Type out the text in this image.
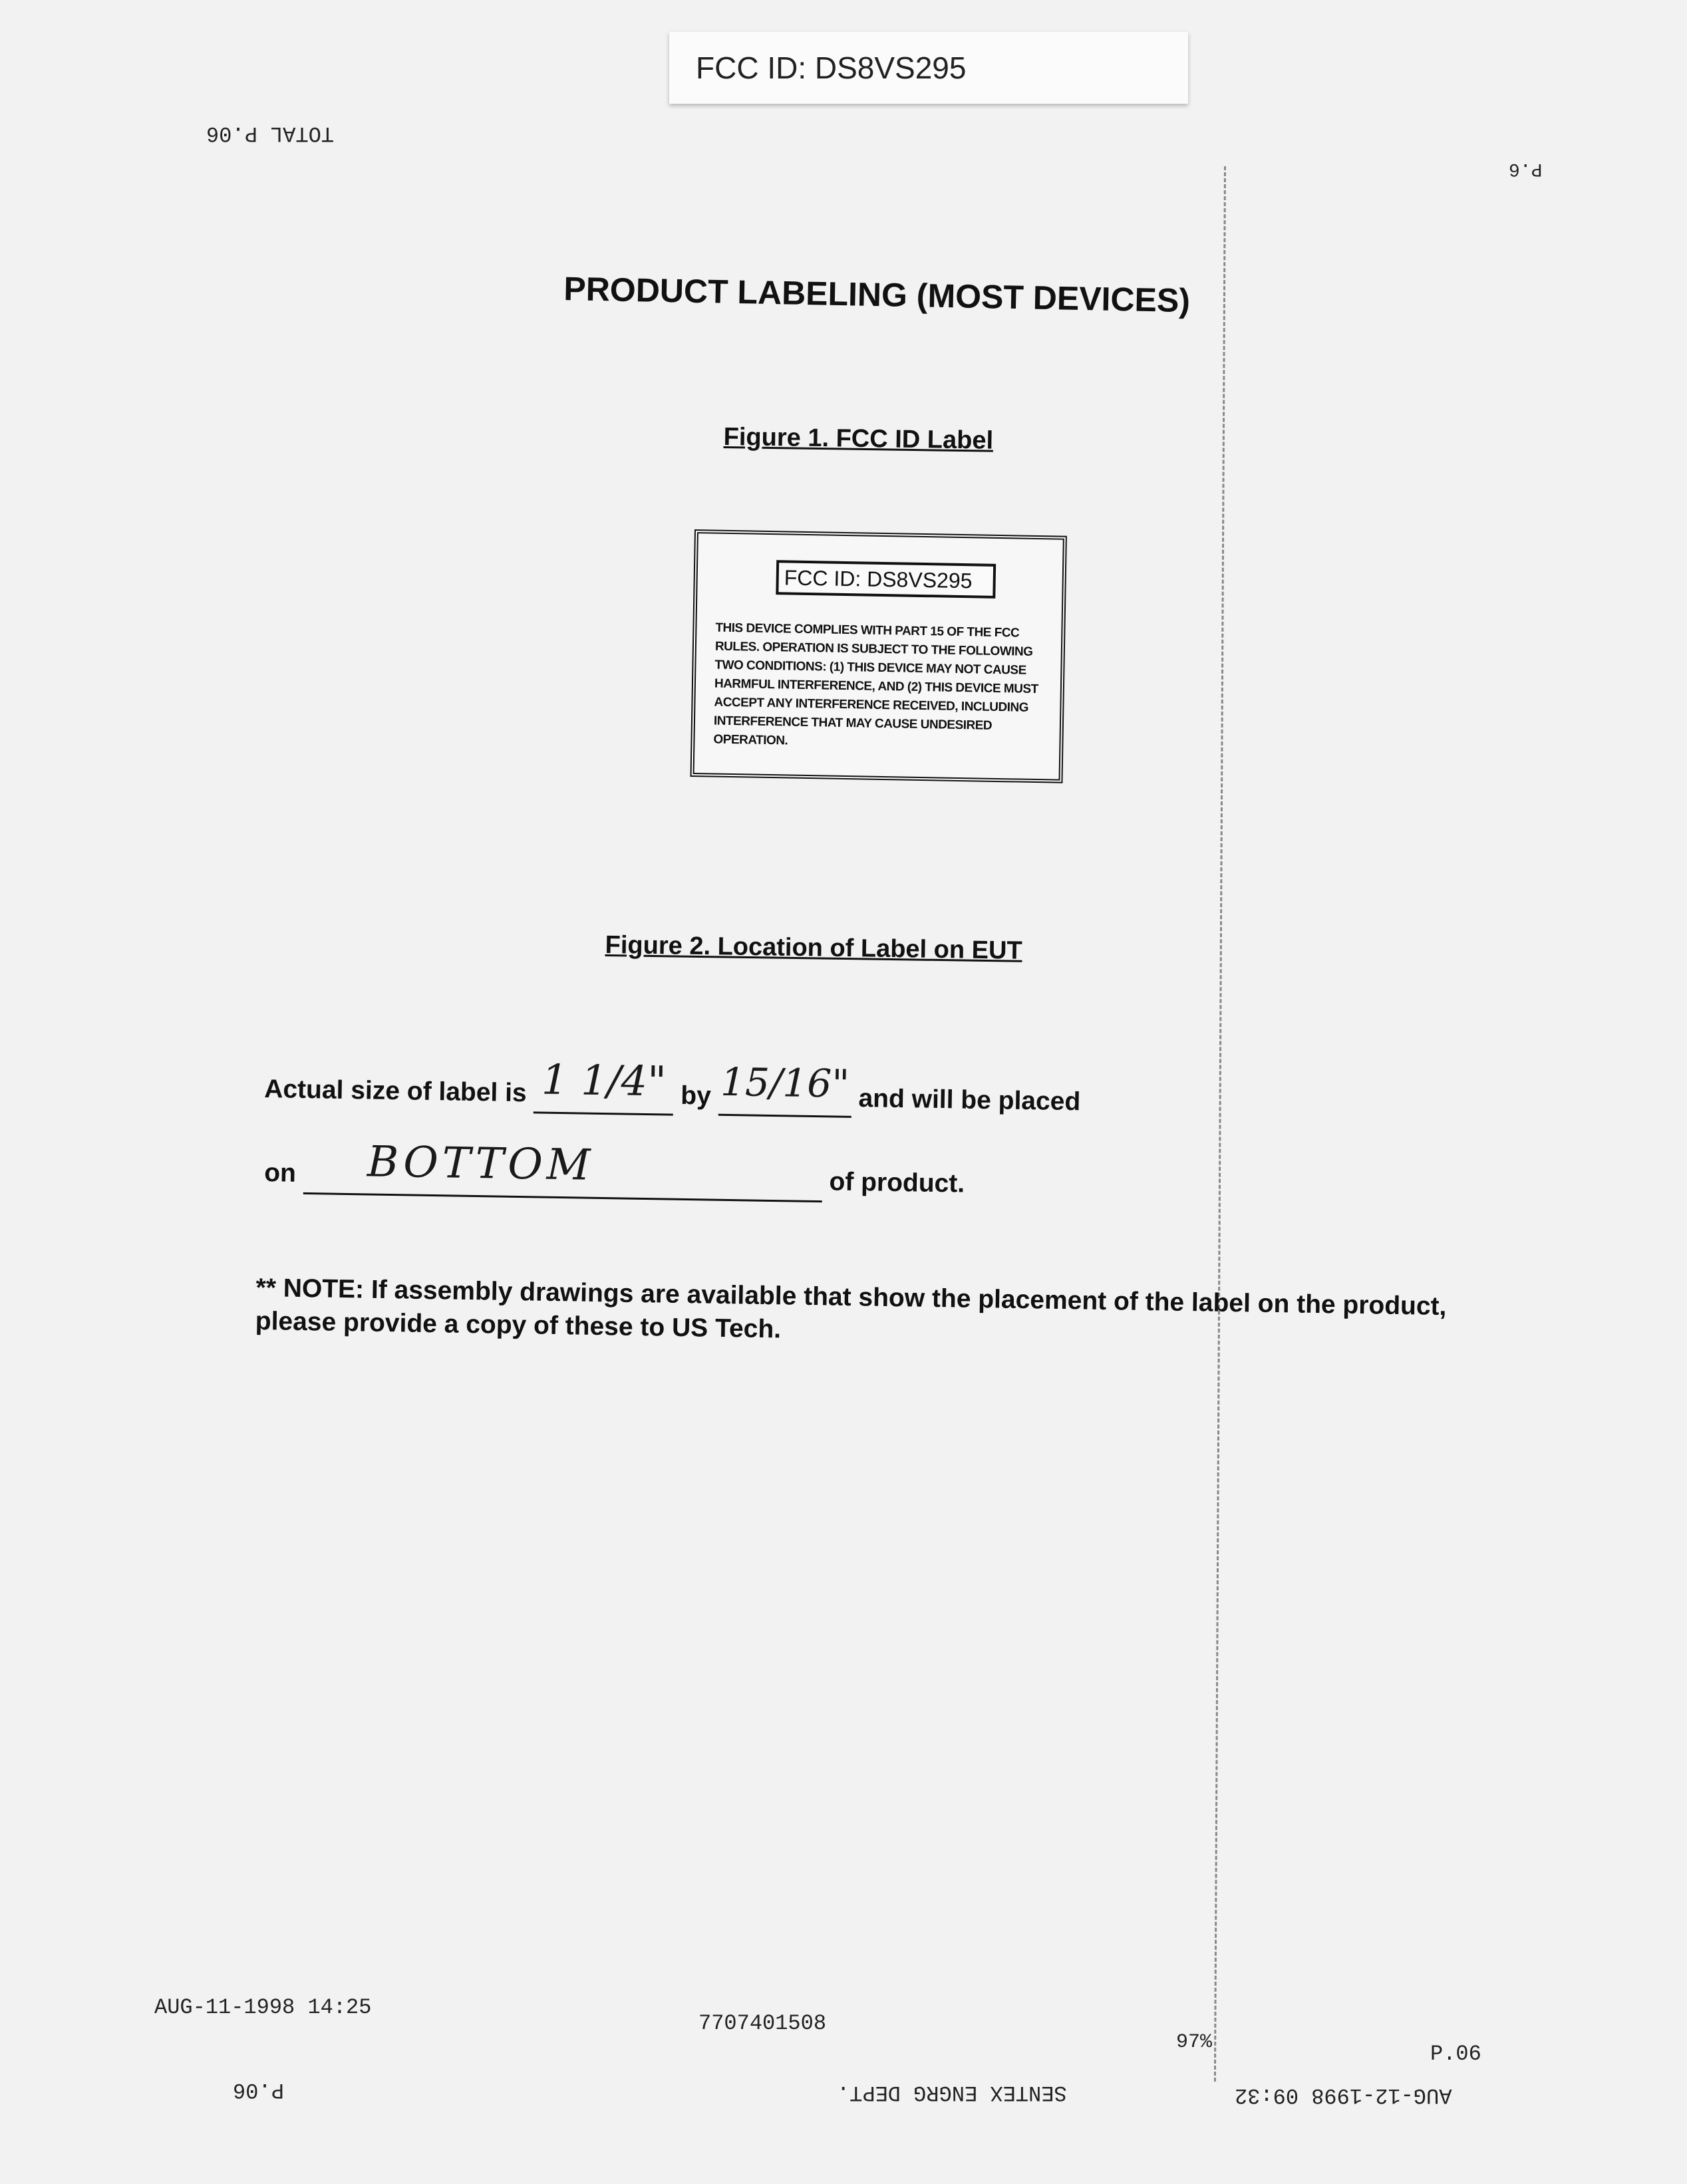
FCC ID: DS8VS295
TOTAL P.06
P.6
PRODUCT LABELING (MOST DEVICES)
Figure 1. FCC ID Label
FCC ID: DS8VS295
THIS DEVICE COMPLIES WITH PART 15 OF THE FCC RULES. OPERATION IS SUBJECT TO THE FOLLOWING TWO CONDITIONS: (1) THIS DEVICE MAY NOT CAUSE HARMFUL INTERFERENCE, AND (2) THIS DEVICE MUST ACCEPT ANY INTERFERENCE RECEIVED, INCLUDING INTERFERENCE THAT MAY CAUSE UNDESIRED OPERATION.
Figure 2. Location of Label on EUT
Actual size of label is 1 1/4" by 15/16" and will be placed
on BOTTOM	of product.
** NOTE: If assembly drawings are available that show the placement of the label on the product, please provide a copy of these to US Tech.
AUG-11-1998 14:25
7707401508
97%	P.06
P.06	SENTEX ENGRG DEPT.	AUG-12-1998 09:32
